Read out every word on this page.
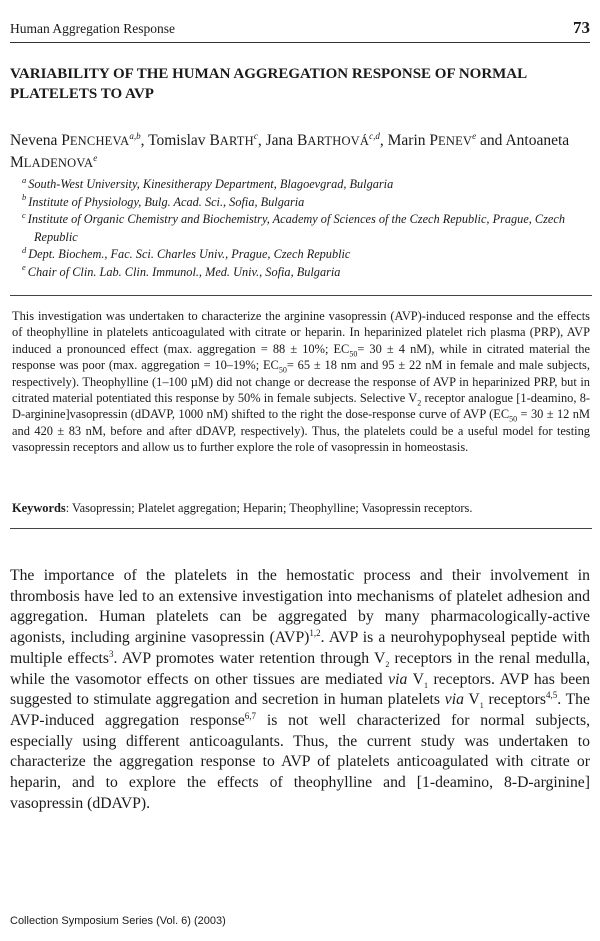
Human Aggregation Response	73
VARIABILITY OF THE HUMAN AGGREGATION RESPONSE OF NORMAL PLATELETS TO AVP

Nevena PENCHEVA$^{a,b}$, Tomislav BARTH$^c$, Jana BARTHOVÁ$^{c,d}$, Marin PENEV$^e$ and Antoaneta MLADENOVA$^e$

$^a$ South-West University, Kinesitherapy Department, Blagoevgrad, Bulgaria
$^b$ Institute of Physiology, Bulg. Acad. Sci., Sofia, Bulgaria
$^c$ Institute of Organic Chemistry and Biochemistry, Academy of Sciences of the Czech Republic, Prague, Czech Republic
$^d$ Dept. Biochem., Fac. Sci. Charles Univ., Prague, Czech Republic
$^e$ Chair of Clin. Lab. Clin. Immunol., Med. Univ., Sofia, Bulgaria

This investigation was undertaken to characterize the arginine vasopressin (AVP)-induced response and the effects of theophylline in platelets anticoagulated with citrate or heparin. In heparinized platelet rich plasma (PRP), AVP induced a pronounced effect (max. aggregation = 88 ± 10%; $EC_{50}= 30 \pm 4$ nM), while in citrated material the response was poor (max. aggregation = 10–19%; $EC_{50}= 65 \pm 18$ nm and 95 ± 22 nM in female and male subjects, respectively). Theophylline (1–100 µM) did not change or decrease the response of AVP in heparinized PRP, but in citrated material potentiated this response by 50% in female subjects. Selective $V_2$ receptor analogue [1-deamino, 8-D-arginine]vasopressin (dDAVP, 1000 nM) shifted to the right the dose-response curve of AVP ($EC_{50} = 30 \pm 12$ nM and 420 ± 83 nM, before and after dDAVP, respectively). Thus, the platelets could be a useful model for testing vasopressin receptors and allow us to further explore the role of vasopressin in homeostasis.

Keywords: Vasopressin; Platelet aggregation; Heparin; Theophylline; Vasopressin receptors.

The importance of the platelets in the hemostatic process and their involvement in thrombosis have led to an extensive investigation into mechanisms of platelet adhesion and aggregation. Human platelets can be aggregated by many pharmacologically-active agonists, including arginine vasopressin (AVP)$^{1,2}$. AVP is a neurohypophyseal peptide with multiple effects$^3$. AVP promotes water retention through $V_2$ receptors in the renal medulla, while the vasomotor effects on other tissues are mediated via $V_1$ receptors. AVP has been suggested to stimulate aggregation and secretion in human platelets via $V_1$ receptors$^{4,5}$. The AVP-induced aggregation response$^{6,7}$ is not well characterized for normal subjects, especially using different anticoagulants. Thus, the current study was undertaken to characterize the aggregation response to AVP of platelets anticoagulated with citrate or heparin, and to explore the effects of theophylline and [1-deamino, 8-D-arginine] vasopressin (dDAVP).

Collection Symposium Series (Vol. 6) (2003)
